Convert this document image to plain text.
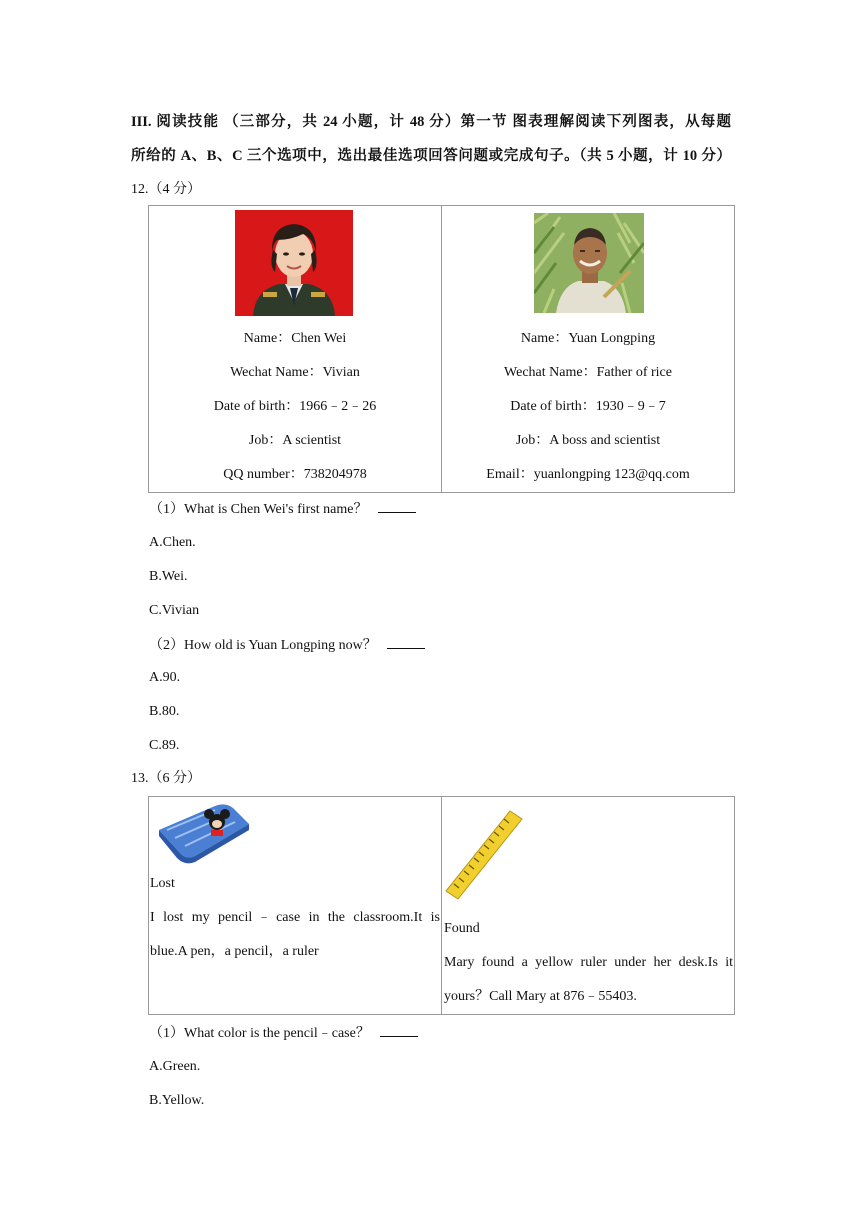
III. 阅读技能 （三部分，共 24 小题，计 48 分）第一节 图表理解阅读下列图表，从每题
所给的 A、B、C 三个选项中，选出最佳选项回答问题或完成句子。（共 5 小题，计 10 分）
12.（4 分）
Name：Chen Wei
Wechat Name：Vivian
Date of birth：1966﹣2﹣26
Job：A scientist
QQ number：738204978

Name：Yuan Longping
Wechat Name：Father of rice
Date of birth：1930﹣9﹣7
Job：A boss and scientist
Email：yuanlongping 123@qq.com
（1）What is Chen Wei's first name？
A.Chen.
B.Wei.
C.Vivian
（2）How old is Yuan Longping now？
A.90.
B.80.
C.89.
13.（6 分）
Lost
I lost my pencil﹣case in the classroom.It is
blue.A pen，a pencil，a ruler

Found
Mary found a yellow ruler under her desk.Is it
yours？Call Mary at 876﹣55403.
（1）What color is the pencil﹣case？
A.Green.
B.Yellow.
